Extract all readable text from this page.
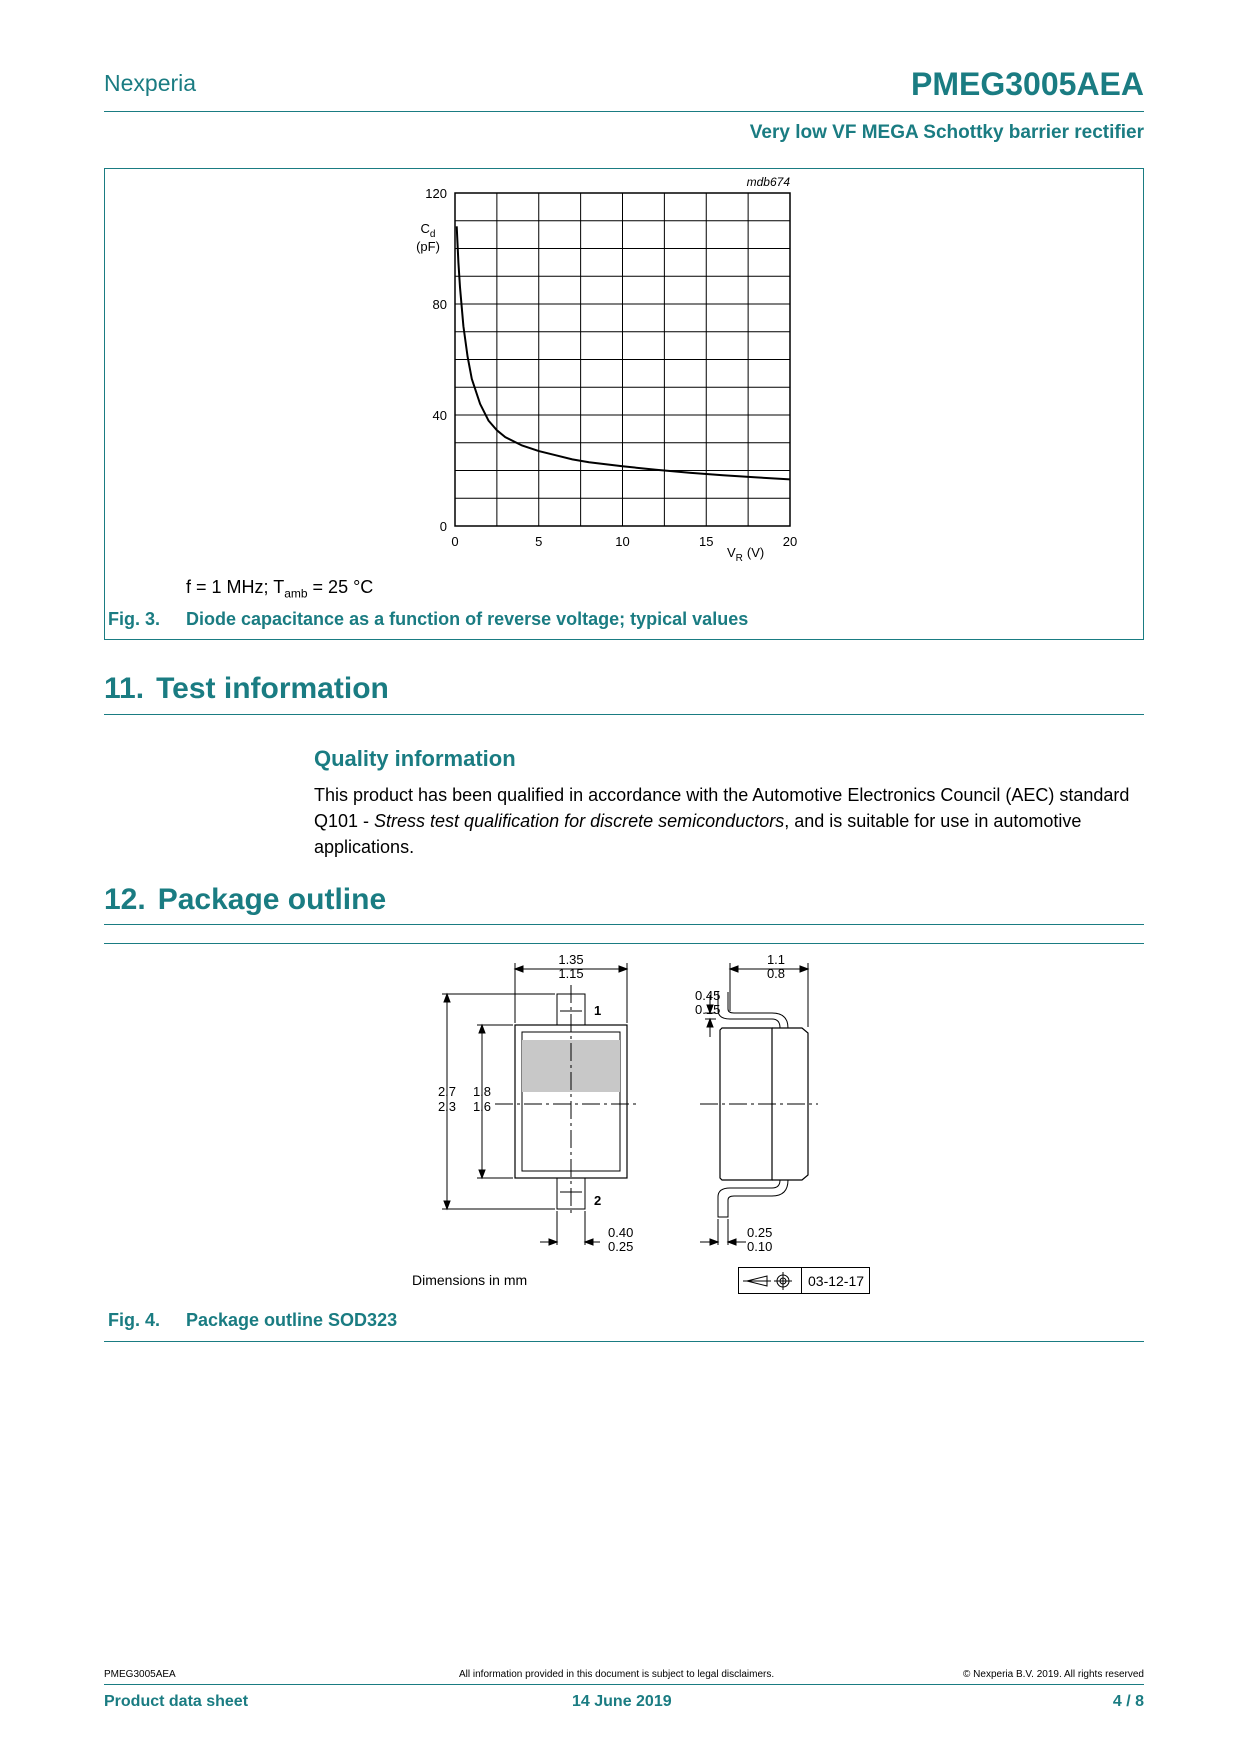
Nexperia	PMEG3005AEA
Very low VF MEGA Schottky barrier rectifier
0
40
80
120
0	5	10	15	20
mdb674
$C_d$
(pF)
$V_R$ (V)
f = 1 MHz; $T_{amb} = 25$ °C
Fig. 3. Diode capacitance as a function of reverse voltage; typical values
11. Test information
Quality information
This product has been qualified in accordance with the Automotive Electronics Council (AEC) standard Q101 - Stress test qualification for discrete semiconductors, and is suitable for use in automotive applications.
12. Package outline
1.35
1.15
2.7
2.3
1.8
1.6
1
2
0.40
0.25
1.1
0.8
0.45
0.15
0.25
0.10
Dimensions in mm	03-12-17
Fig. 4. Package outline SOD323
PMEG3005AEA	All information provided in this document is subject to legal disclaimers.	© Nexperia B.V. 2019. All rights reserved
Product data sheet	14 June 2019	4 / 8
